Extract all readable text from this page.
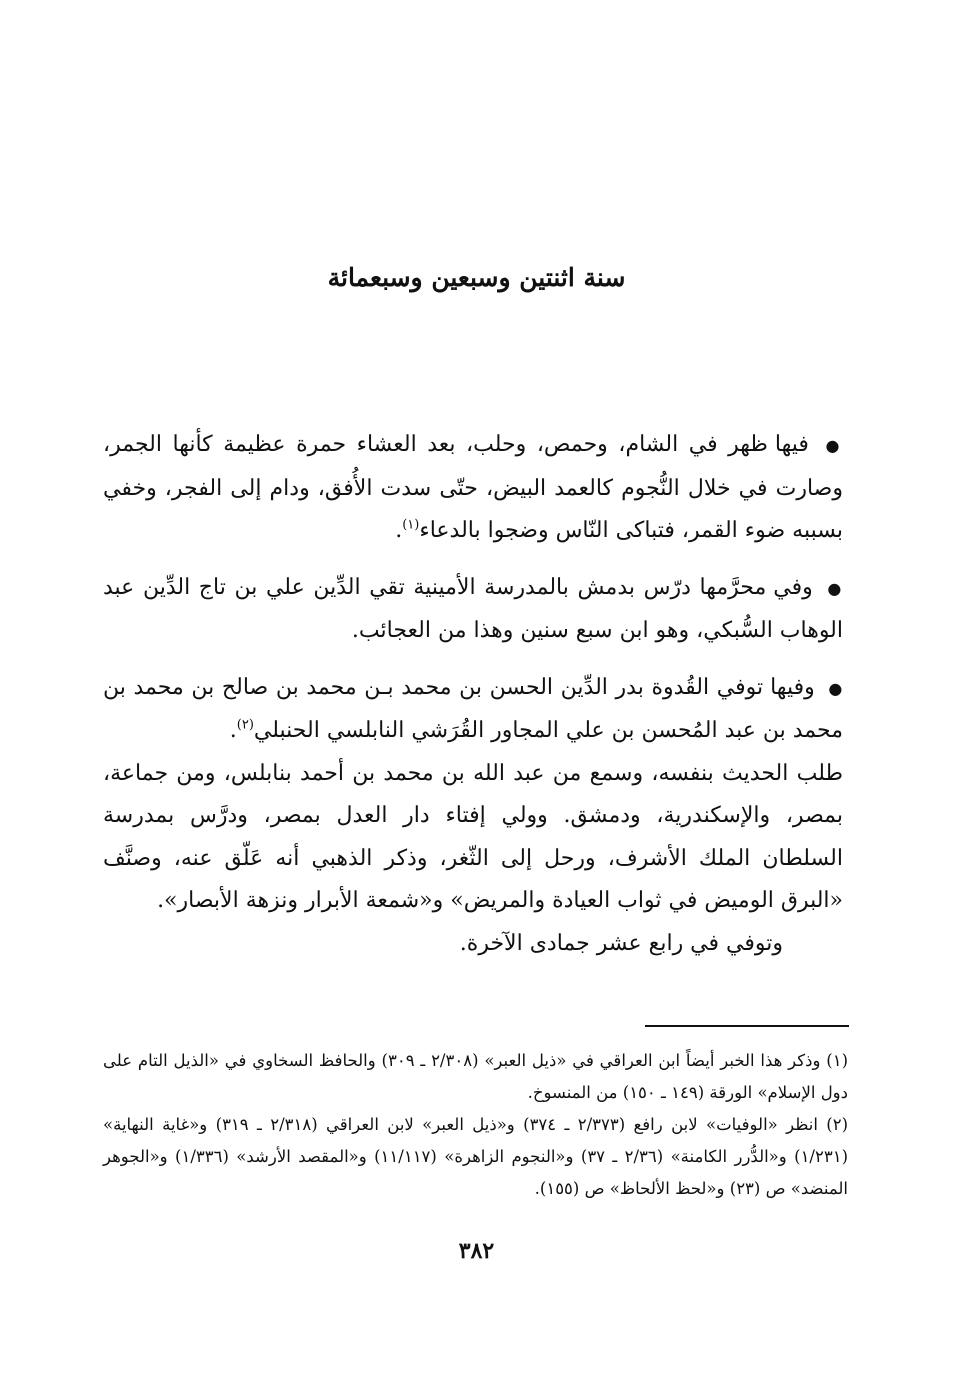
سنة اثنتين وسبعين وسبعمائة

● فيها ظهر في الشام، وحمص، وحلب، بعد العشاء حمرة عظيمة كأنها الجمر، وصارت في خلال النُّجوم كالعمد البيض، حتّى سدت الأُفق، ودام إلى الفجر، وخفي بسببه ضوء القمر، فتباكى النّاس وضجوا بالدعاء$^{(١)}$.

● وفي محرَّمها درّس بدمش بالمدرسة الأمينية تقي الدِّين علي بن تاج الدِّين عبد الوهاب السُّبكي، وهو ابن سبع سنين وهذا من العجائب.

● وفيها توفي القُدوة بدر الدِّين الحسن بن محمد بـن محمد بن صالح بن محمد بن محمد بن عبد المُحسن بن علي المجاور القُرَشي النابلسي الحنبلي$^{(٢)}$.

طلب الحديث بنفسه، وسمع من عبد الله بن محمد بن أحمد بنابلس، ومن جماعة، بمصر، والإسكندرية، ودمشق. وولي إفتاء دار العدل بمصر، ودرَّس بمدرسة السلطان الملك الأشرف، ورحل إلى الثّغر، وذكر الذهبي أنه عَلّق عنه، وصنَّف «البرق الوميض في ثواب العيادة والمريض» و«شمعة الأبرار ونزهة الأبصار».

وتوفي في رابع عشر جمادى الآخرة.

(١) وذكر هذا الخبر أيضاً ابن العراقي في «ذيل العبر» (٢/٣٠٨ ـ ٣٠٩) والحافظ السخاوي في «الذيل التام على دول الإسلام» الورقة (١٤٩ ـ ١٥٠) من المنسوخ.

(٢) انظر «الوفيات» لابن رافع (٢/٣٧٣ ـ ٣٧٤) و«ذيل العبر» لابن العراقي (٢/٣١٨ ـ ٣١٩) و«غاية النهاية» (١/٢٣١) و«الدُّرر الكامنة» (٢/٣٦ ـ ٣٧) و«النجوم الزاهرة» (١١/١١٧) و«المقصد الأرشد» (١/٣٣٦) و«الجوهر المنضد» ص (٢٣) و«لحظ الألحاظ» ص (١٥٥).

٣٨٢
